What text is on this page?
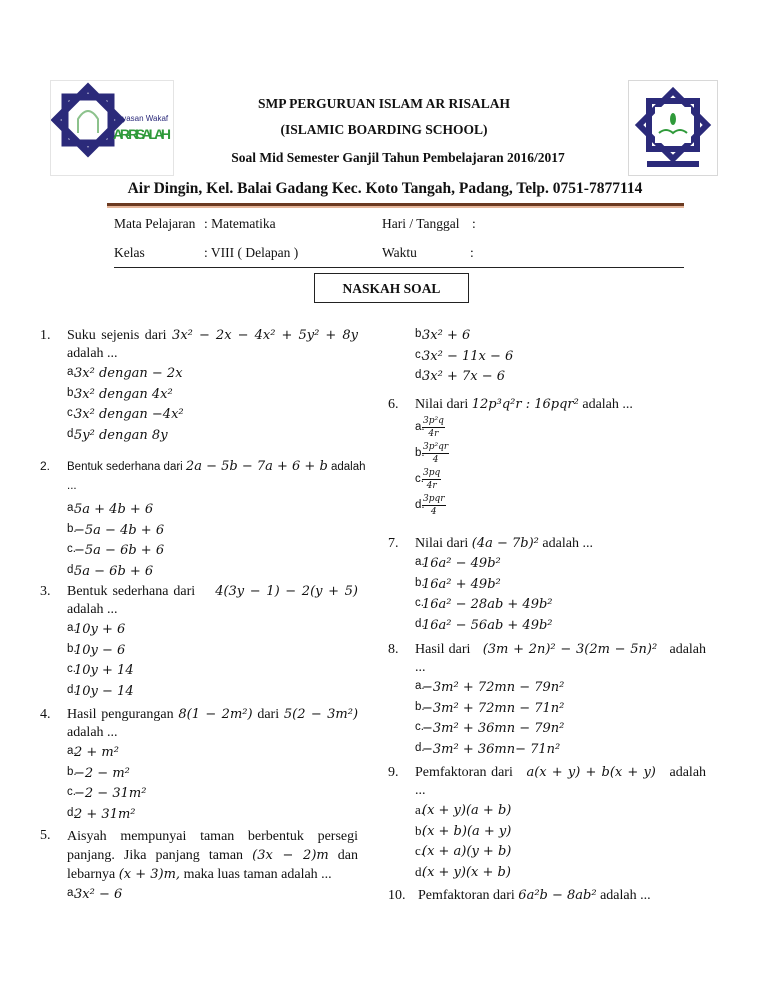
Yayasan Wakaf
AR-RISALAH
SMP PERGURUAN ISLAM AR RISALAH
(ISLAMIC BOARDING SCHOOL)
Soal Mid Semester Ganjil Tahun Pembelajaran 2016/2017
Air Dingin, Kel. Balai Gadang Kec. Koto Tangah, Padang, Telp. 0751-7877114
Mata Pelajaran : Matematika	Hari / Tanggal :
Kelas	: VIII ( Delapan )	Waktu	:
NASKAH SOAL
1. Suku sejenis dari 3x² − 2x − 4x² + 5y² + 8y adalah ...
a.
3x² dengan − 2x
b.
3x² dengan 4x²
c.
3x² dengan −4x²
d.
5y² dengan 8y
2. Bentuk sederhana dari 2a − 5b − 7a + 6 + b adalah ...
a.
5a + 4b + 6
b.
−5a − 4b + 6
c.
−5a − 6b + 6
d.
5a − 6b + 6
3. Bentuk sederhana dari 4(3y − 1) − 2(y + 5) adalah ...
a.
10y + 6
b.
10y − 6
c.
10y + 14
d.
10y − 14
4. Hasil pengurangan 8(1 − 2m²) dari 5(2 − 3m²) adalah ...
a.
2 + m²
b.
−2 − m²
c.
−2 − 31m²
d.
2 + 31m²
5. Aisyah mempunyai taman berbentuk persegi panjang. Jika panjang taman (3x − 2)m dan lebarnya (x + 3)m, maka luas taman adalah ...
a.
3x² − 6
b.
3x² + 6
c.
3x² − 11x − 6
d.
3x² + 7x − 6
6. Nilai dari 12p³q²r : 16pqr² adalah ...
a.
$\frac{\text{3p²q}}{4r}$
b.
$\frac{\text{3p²qr}}{4}$
c.
$\frac{3pq}{4r}$
d.
$\frac{\text{3pqr}}{4}$
7. Nilai dari (4a − 7b)² adalah ...
a.
16a² − 49b²
b.
16a² + 49b²
c.
16a² − 28ab + 49b²
d.
16a² − 56ab + 49b²
8. Hasil dari (3m + 2n)² − 3(2m − 5n)² adalah ...
a.
−3m² + 72mn − 79n²
b.
−3m² + 72mn − 71n²
c.
−3m² + 36mn − 79n²
d.
−3m² + 36mn− 71n²
9. Pemfaktoran dari a(x + y) + b(x + y) adalah ...
a.
(x + y)(a + b)
b.
(x + b)(a + y)
c.
(x + a)(y + b)
d.
(x + y)(x + b)
10. Pemfaktoran dari 6a²b − 8ab² adalah ...
